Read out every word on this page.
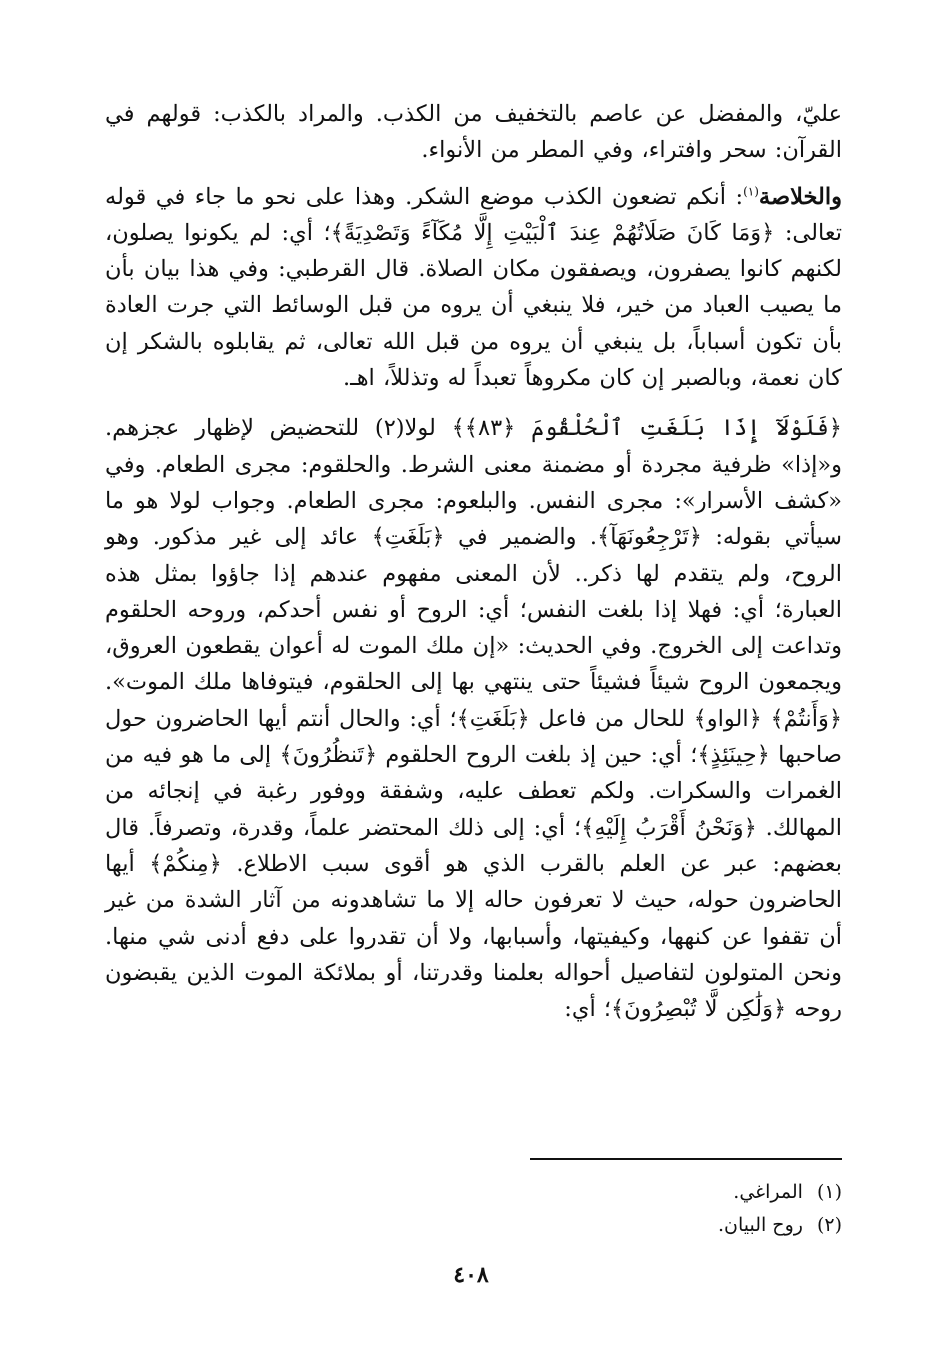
عليّ، والمفضل عن عاصم بالتخفيف من الكذب. والمراد بالكذب: قولهم في القرآن: سحر وافتراء، وفي المطر من الأنواء.

والخلاصة$^{(١)}$: أنكم تضعون الكذب موضع الشكر. وهذا على نحو ما جاء في قوله تعالى: ﴿وَمَا كَانَ صَلَاتُهُمْ عِندَ ٱلْبَيْتِ إِلَّا مُكَآءً وَتَصْدِيَةً﴾؛ أي: لم يكونوا يصلون، لكنهم كانوا يصفرون، ويصفقون مكان الصلاة. قال القرطبي: وفي هذا بيان بأن ما يصيب العباد من خير، فلا ينبغي أن يروه من قبل الوسائط التي جرت العادة بأن تكون أسباباً، بل ينبغي أن يروه من قبل الله تعالى، ثم يقابلوه بالشكر إن كان نعمة، وبالصبر إن كان مكروهاً تعبداً له وتذللاً، اهـ.

﴿فَلَوْلَآ إِذَا بَلَغَتِ ٱلْحُلْقُومَ ﴿٨٣﴾﴾ لولا(٢) للتحضيض لإظهار عجزهم. و«إذا» ظرفية مجردة أو مضمنة معنى الشرط. والحلقوم: مجرى الطعام. وفي «كشف الأسرار»: مجرى النفس. والبلعوم: مجرى الطعام. وجواب لولا هو ما سيأتي بقوله: ﴿تَرْجِعُونَهَآ﴾. والضمير في ﴿بَلَغَتِ﴾ عائد إلى غير مذكور. وهو الروح، ولم يتقدم لها ذكر.. لأن المعنى مفهوم عندهم إذا جاؤوا بمثل هذه العبارة؛ أي: فهلا إذا بلغت النفس؛ أي: الروح أو نفس أحدكم، وروحه الحلقوم وتداعت إلى الخروج. وفي الحديث: «إن ملك الموت له أعوان يقطعون العروق، ويجمعون الروح شيئاً فشيئاً حتى ينتهي بها إلى الحلقوم، فيتوفاها ملك الموت». ﴿وَأَنتُمْ﴾ ﴿الواو﴾ للحال من فاعل ﴿بَلَغَتِ﴾؛ أي: والحال أنتم أيها الحاضرون حول صاحبها ﴿حِينَئِذٍ﴾؛ أي: حين إذ بلغت الروح الحلقوم ﴿تَنظُرُونَ﴾ إلى ما هو فيه من الغمرات والسكرات. ولكم تعطف عليه، وشفقة ووفور رغبة في إنجائه من المهالك. ﴿وَنَحْنُ أَقْرَبُ إِلَيْهِ﴾؛ أي: إلى ذلك المحتضر علماً، وقدرة، وتصرفاً. قال بعضهم: عبر عن العلم بالقرب الذي هو أقوى سبب الاطلاع. ﴿مِنكُمْ﴾ أيها الحاضرون حوله، حيث لا تعرفون حاله إلا ما تشاهدونه من آثار الشدة من غير أن تقفوا عن كنهها، وكيفيتها، وأسبابها، ولا أن تقدروا على دفع أدنى شي منها. ونحن المتولون لتفاصيل أحواله بعلمنا وقدرتنا، أو بملائكة الموت الذين يقبضون روحه ﴿وَلَٰكِن لَّا تُبْصِرُونَ﴾؛ أي:

(١)المراغي.
(٢)روح البيان.
٤٠٨
